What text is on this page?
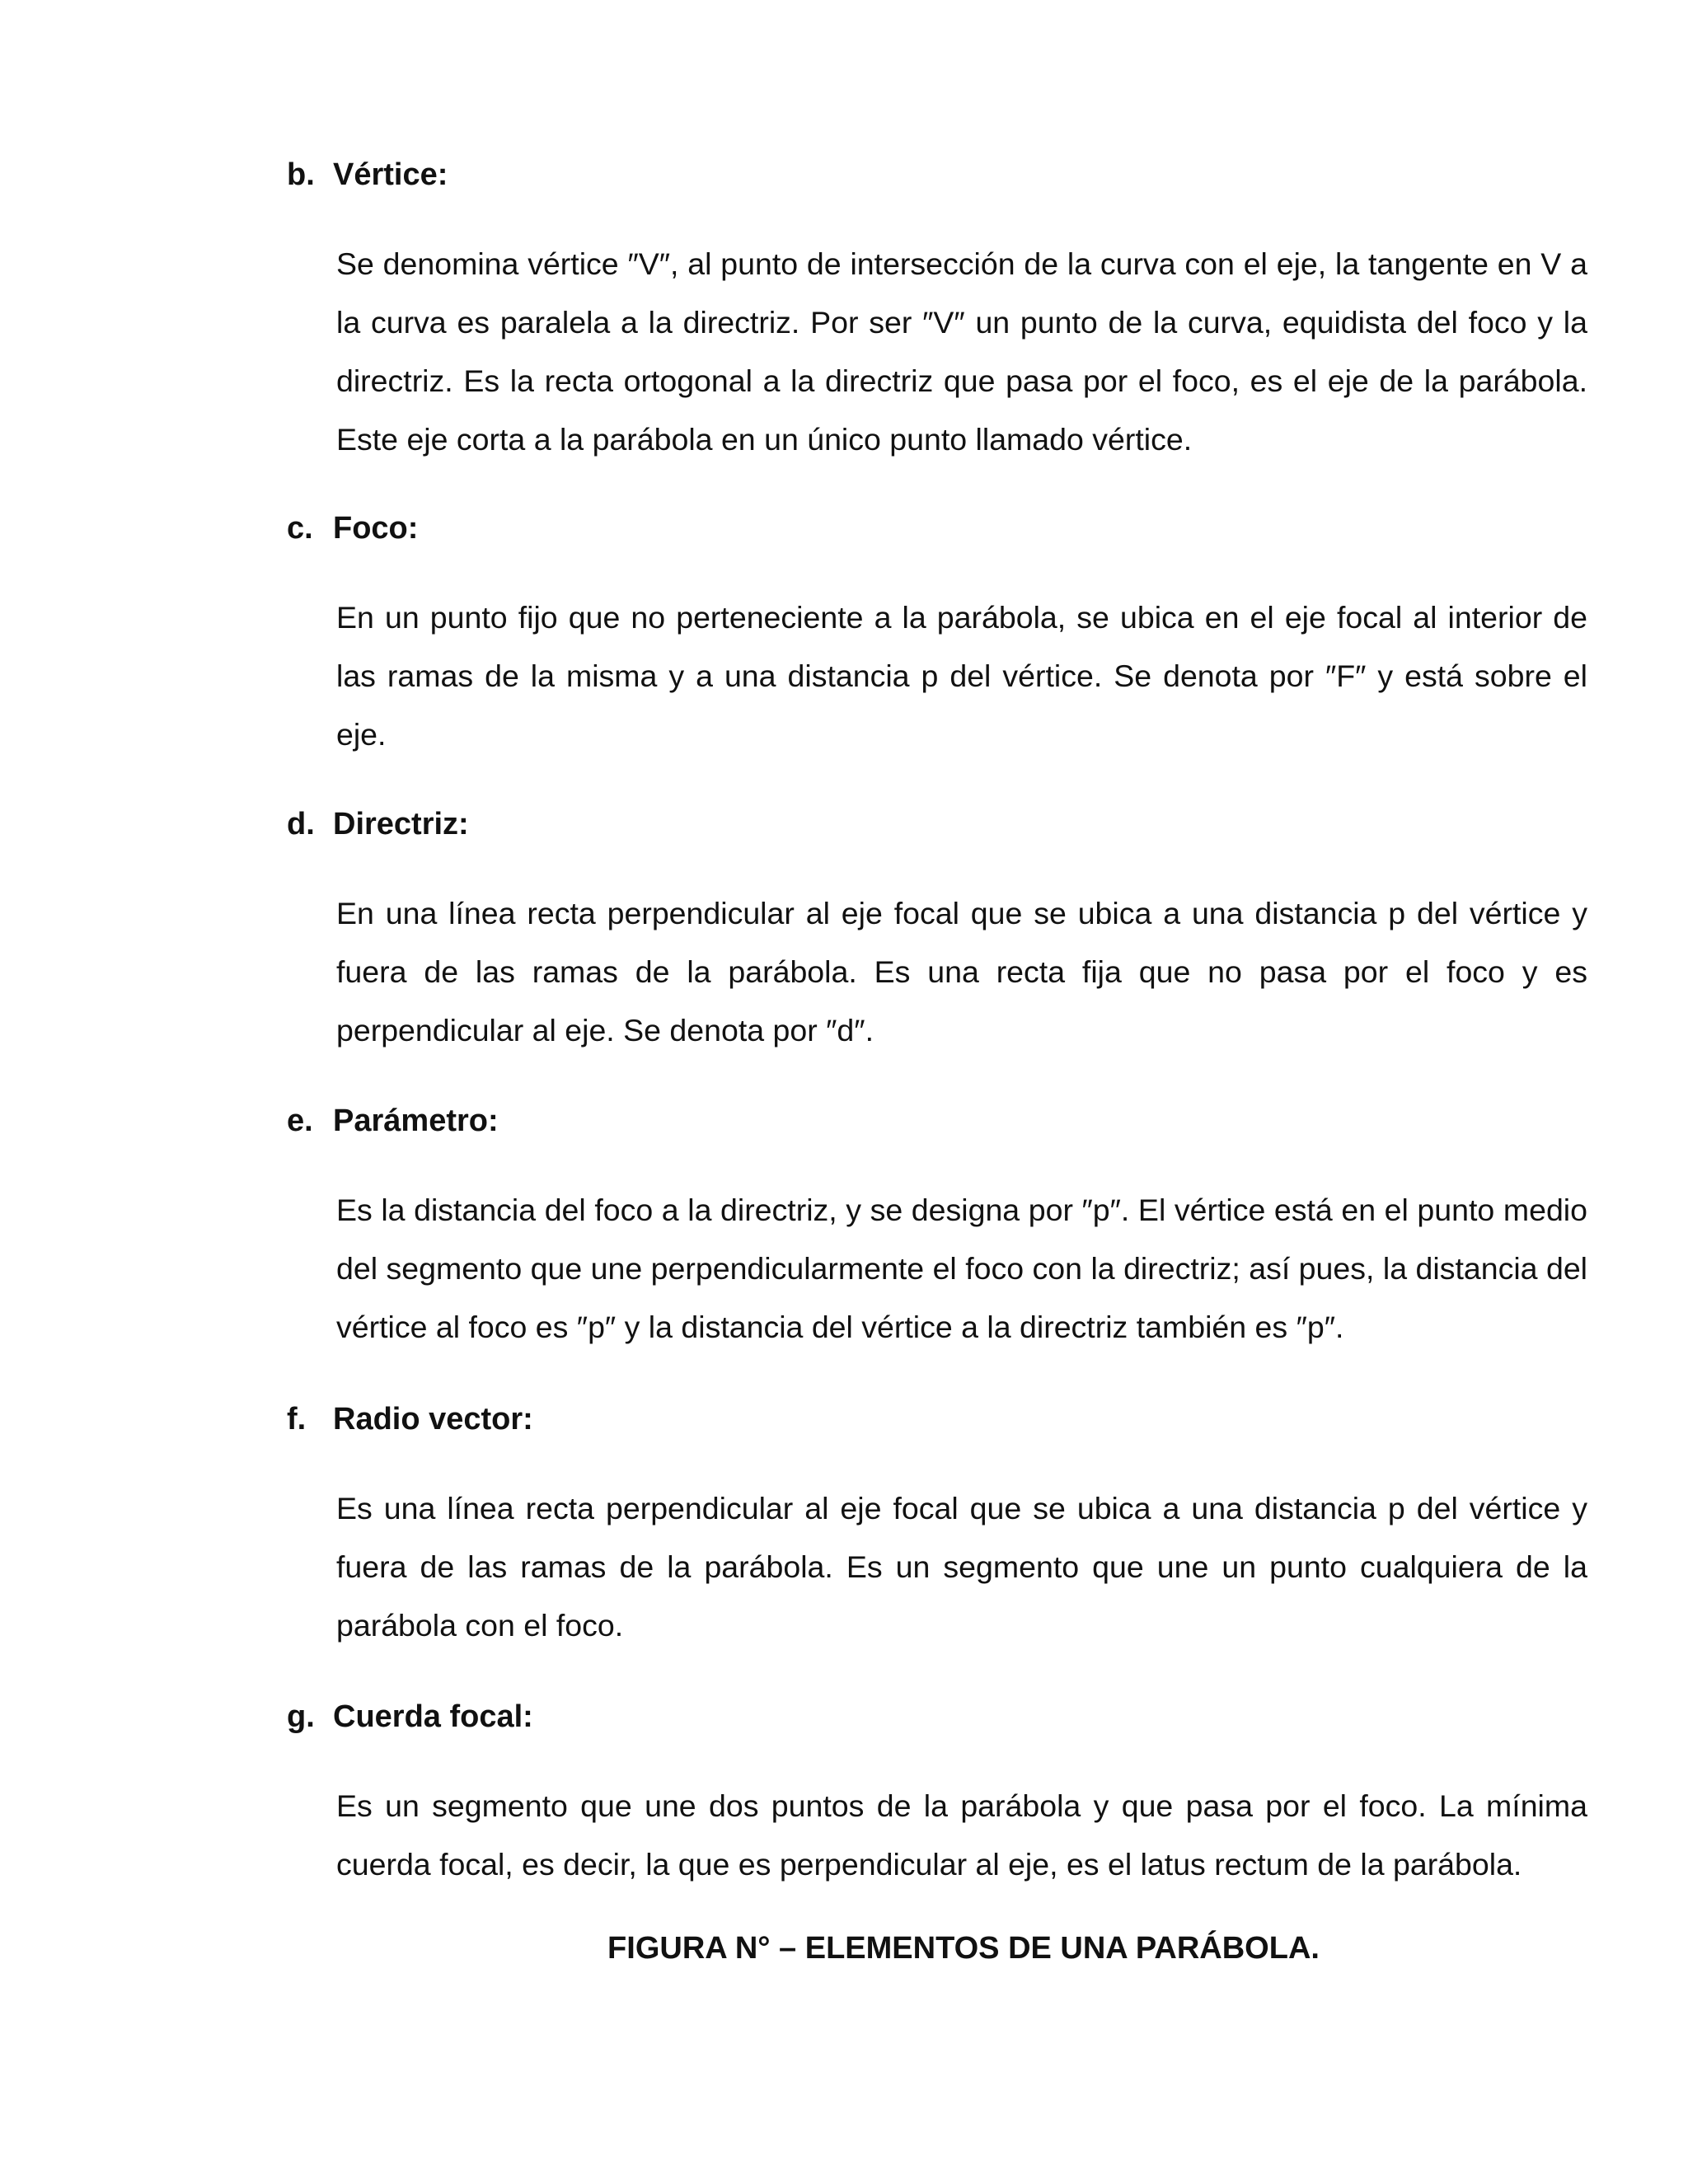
b. Vértice:

Se denomina vértice ″V″, al punto de intersección de la curva con el eje, la tangente en V a la curva es paralela a la directriz. Por ser ″V″ un punto de la curva, equidista del foco y la directriz. Es la recta ortogonal a la directriz que pasa por el foco, es el eje de la parábola. Este eje corta a la parábola en un único punto llamado vértice.

c. Foco:

En un punto fijo que no perteneciente a la parábola, se ubica en el eje focal al interior de las ramas de la misma y a una distancia p del vértice. Se denota por ″F″ y está sobre el eje.

d. Directriz:

En una línea recta perpendicular al eje focal que se ubica a una distancia p del vértice y fuera de las ramas de la parábola. Es una recta fija que no pasa por el foco y es perpendicular al eje. Se denota por ″d″.

e. Parámetro:

Es la distancia del foco a la directriz, y se designa por ″p″. El vértice está en el punto medio del segmento que une perpendicularmente el foco con la directriz; así pues, la distancia del vértice al foco es ″p″ y la distancia del vértice a la directriz también es ″p″.

f. Radio vector:

Es una línea recta perpendicular al eje focal que se ubica a una distancia p del vértice y fuera de las ramas de la parábola. Es un segmento que une un punto cualquiera de la parábola con el foco.

g. Cuerda focal:

Es un segmento que une dos puntos de la parábola y que pasa por el foco. La mínima cuerda focal, es decir, la que es perpendicular al eje, es el latus rectum de la parábola.

FIGURA N° – ELEMENTOS DE UNA PARÁBOLA.
